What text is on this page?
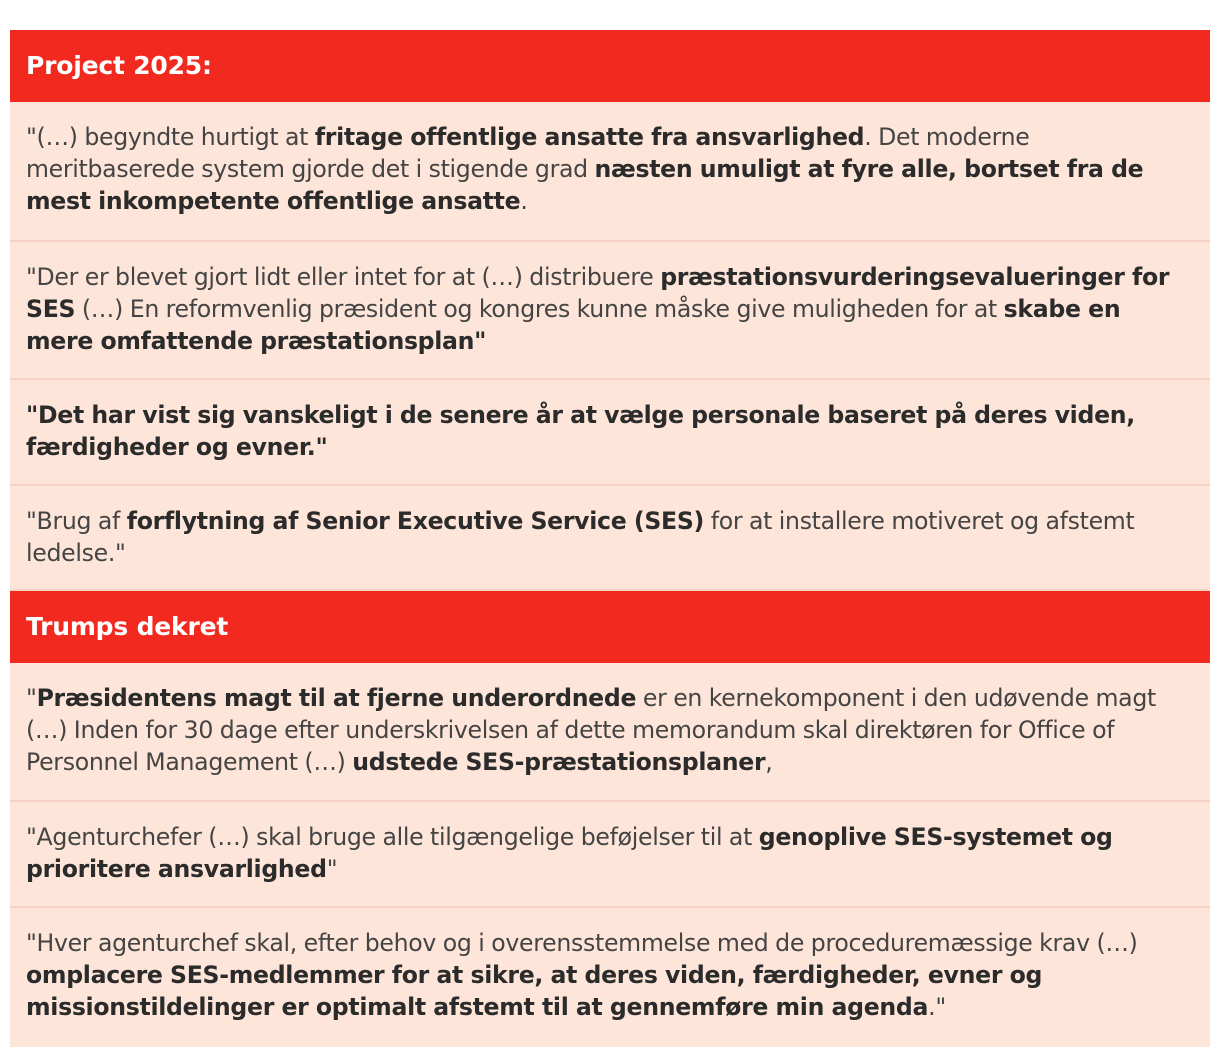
Project 2025:
"(…) begyndte hurtigt at fritage offentlige ansatte fra ansvarlighed. Det moderne meritbaserede system gjorde det i stigende grad næsten umuligt at fyre alle, bortset fra de mest inkompetente offentlige ansatte.
"Der er blevet gjort lidt eller intet for at (…) distribuere præstationsvurderingsevalueringer for SES (…) En reformvenlig præsident og kongres kunne måske give muligheden for at skabe en mere omfattende præstationsplan"
"Det har vist sig vanskeligt i de senere år at vælge personale baseret på deres viden, færdigheder og evner."
"Brug af forflytning af Senior Executive Service (SES) for at installere motiveret og afstemt ledelse."
Trumps dekret
"Præsidentens magt til at fjerne underordnede er en kernekomponent i den udøvende magt (…) Inden for 30 dage efter underskrivelsen af dette memorandum skal direktøren for Office of Personnel Management (…) udstede SES-præstationsplaner,
"Agenturchefer (…) skal bruge alle tilgængelige beføjelser til at genoplive SES-systemet og prioritere ansvarlighed"
"Hver agenturchef skal, efter behov og i overensstemmelse med de proceduremæssige krav (…) omplacere SES-medlemmer for at sikre, at deres viden, færdigheder, evner og missionstildelinger er optimalt afstemt til at gennemføre min agenda."
